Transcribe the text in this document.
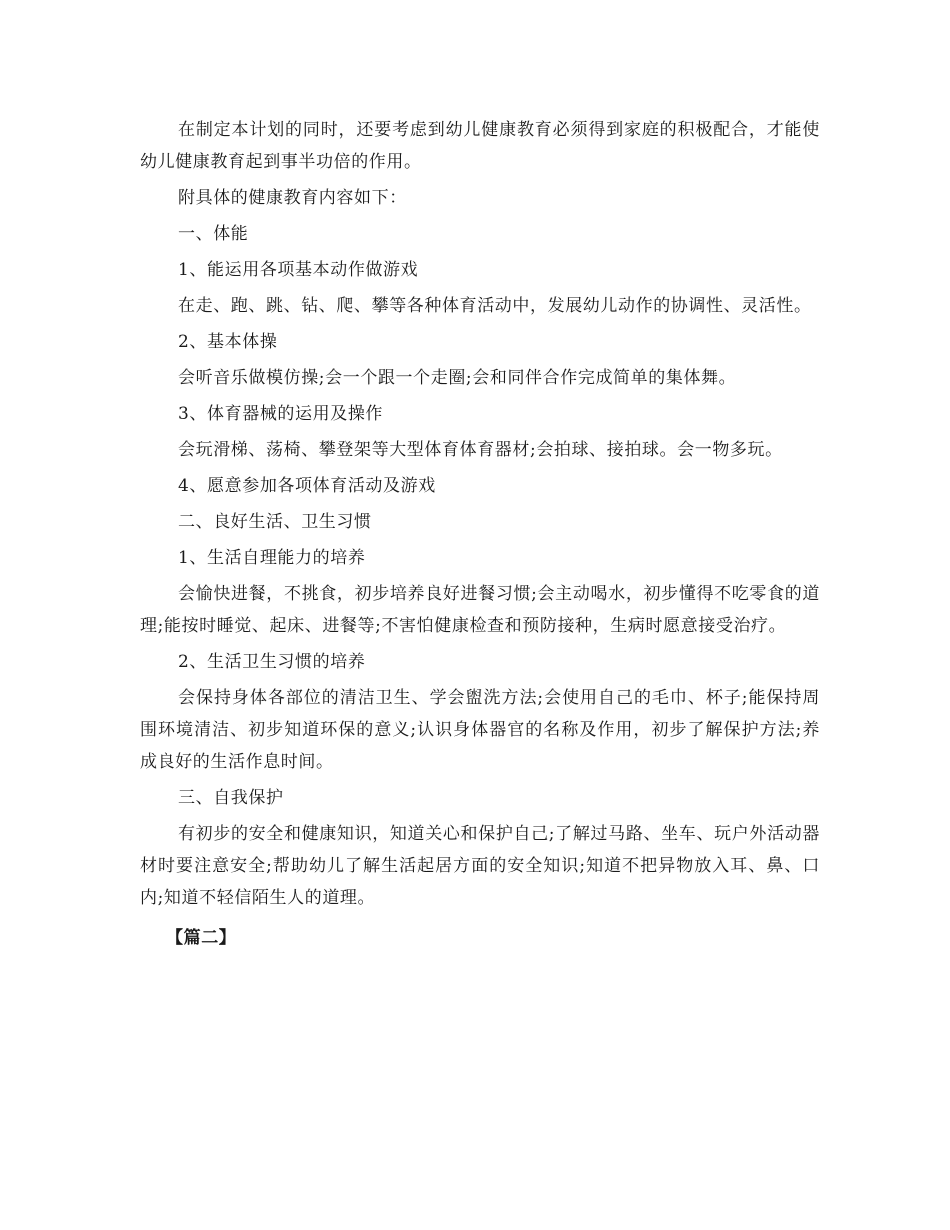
在制定本计划的同时，还要考虑到幼儿健康教育必须得到家庭的积极配合，才能使幼儿健康教育起到事半功倍的作用。

附具体的健康教育内容如下：

一、体能

1、能运用各项基本动作做游戏

在走、跑、跳、钻、爬、攀等各种体育活动中，发展幼儿动作的协调性、灵活性。

2、基本体操

会听音乐做模仿操;会一个跟一个走圈;会和同伴合作完成简单的集体舞。

3、体育器械的运用及操作

会玩滑梯、荡椅、攀登架等大型体育体育器材;会拍球、接拍球。会一物多玩。

4、愿意参加各项体育活动及游戏

二、良好生活、卫生习惯

1、生活自理能力的培养

会愉快进餐，不挑食，初步培养良好进餐习惯;会主动喝水，初步懂得不吃零食的道理;能按时睡觉、起床、进餐等;不害怕健康检查和预防接种，生病时愿意接受治疗。

2、生活卫生习惯的培养

会保持身体各部位的清洁卫生、学会盥洗方法;会使用自己的毛巾、杯子;能保持周围环境清洁、初步知道环保的意义;认识身体器官的名称及作用，初步了解保护方法;养成良好的生活作息时间。

三、自我保护

有初步的安全和健康知识，知道关心和保护自己;了解过马路、坐车、玩户外活动器材时要注意安全;帮助幼儿了解生活起居方面的安全知识;知道不把异物放入耳、鼻、口内;知道不轻信陌生人的道理。

【篇二】
